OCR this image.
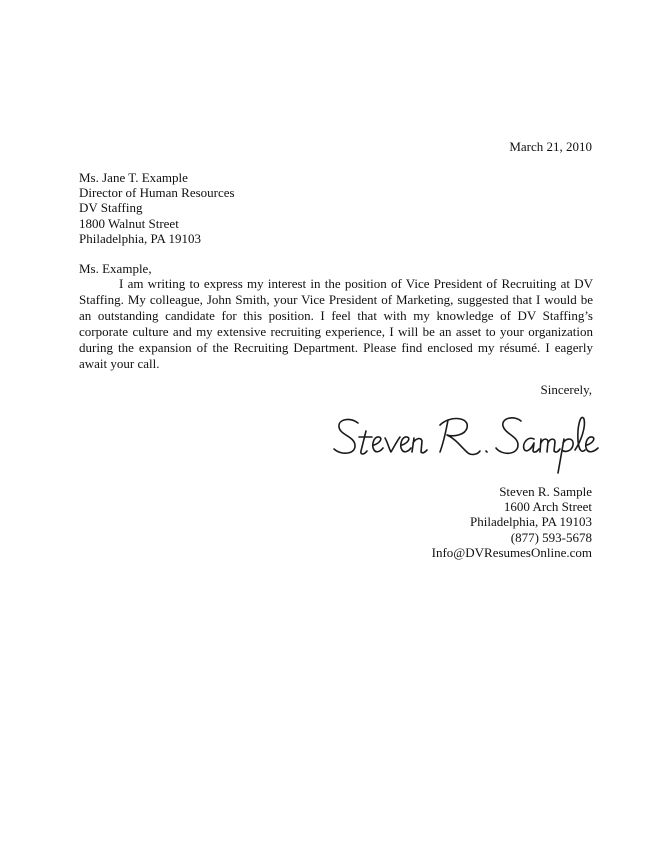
March 21, 2010
Ms. Jane T. Example
Director of Human Resources
DV Staffing
1800 Walnut Street
Philadelphia, PA 19103
Ms. Example,

I am writing to express my interest in the position of Vice President of Recruiting at DV Staffing. My colleague, John Smith, your Vice President of Marketing, suggested that I would be an outstanding candidate for this position. I feel that with my knowledge of DV Staffing’s corporate culture and my extensive recruiting experience, I will be an asset to your organization during the expansion of the Recruiting Department. Please find enclosed my résumé. I eagerly await your call.

Sincerely,
Steven R. Sample
1600 Arch Street
Philadelphia, PA 19103
(877) 593-5678
Info@DVResumesOnline.com
